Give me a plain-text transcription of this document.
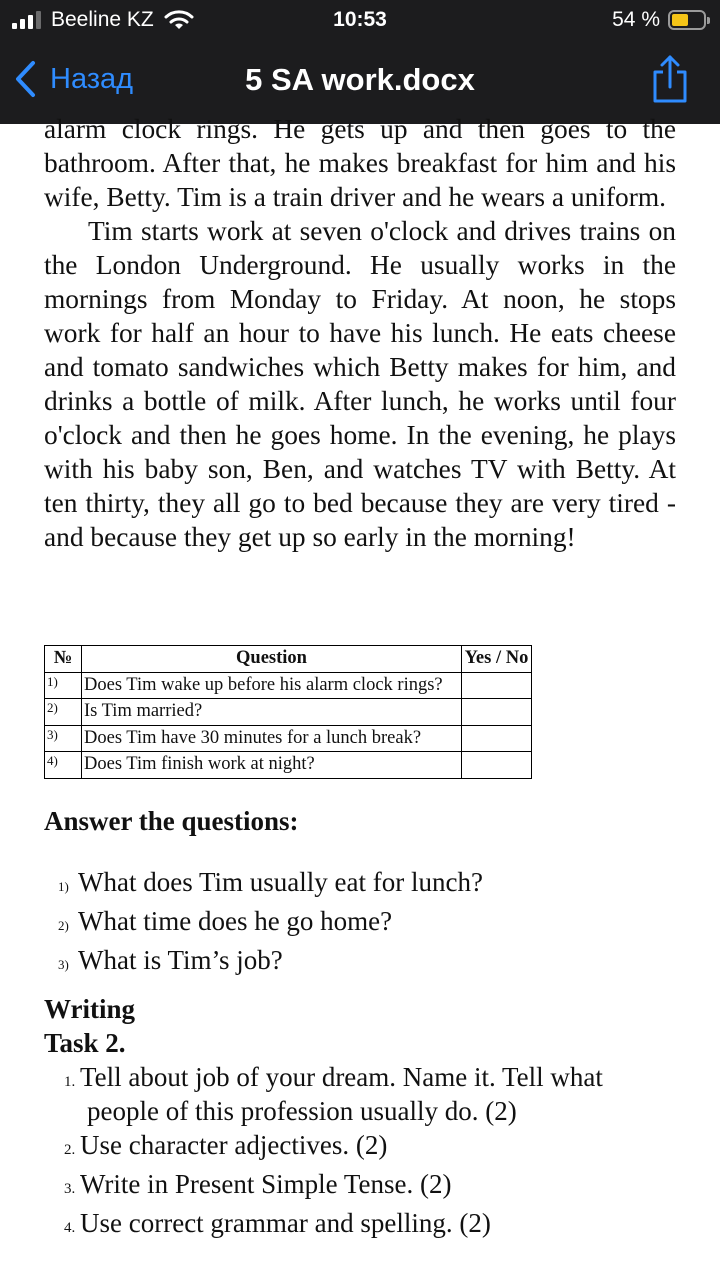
Beeline KZ	10:53	54 %
Назад	5 SA work.docx

alarm clock rings. He gets up and then goes to the bathroom. After that, he makes breakfast for him and his wife, Betty. Tim is a train driver and he wears a uniform.

Tim starts work at seven o'clock and drives trains on the London Underground. He usually works in the mornings from Monday to Friday. At noon, he stops work for half an hour to have his lunch. He eats cheese and tomato sandwiches which Betty makes for him, and drinks a bottle of milk. After lunch, he works until four o'clock and then he goes home. In the evening, he plays with his baby son, Ben, and watches TV with Betty. At ten thirty, they all go to bed because they are very tired - and because they get up so early in the morning!

№	Question	Yes / No
1)	Does Tim wake up before his alarm clock rings?	
2)	Is Tim married?	
3)	Does Tim have 30 minutes for a lunch break?	
4)	Does Tim finish work at night?	
Answer the questions:
1) What does Tim usually eat for lunch?
2) What time does he go home?
3) What is Tim’s job?
Writing
Task 2.
1. Tell about job of your dream. Name it. Tell what
people of this profession usually do. (2)
2. Use character adjectives. (2)
3. Write in Present Simple Tense. (2)
4. Use correct grammar and spelling. (2)
